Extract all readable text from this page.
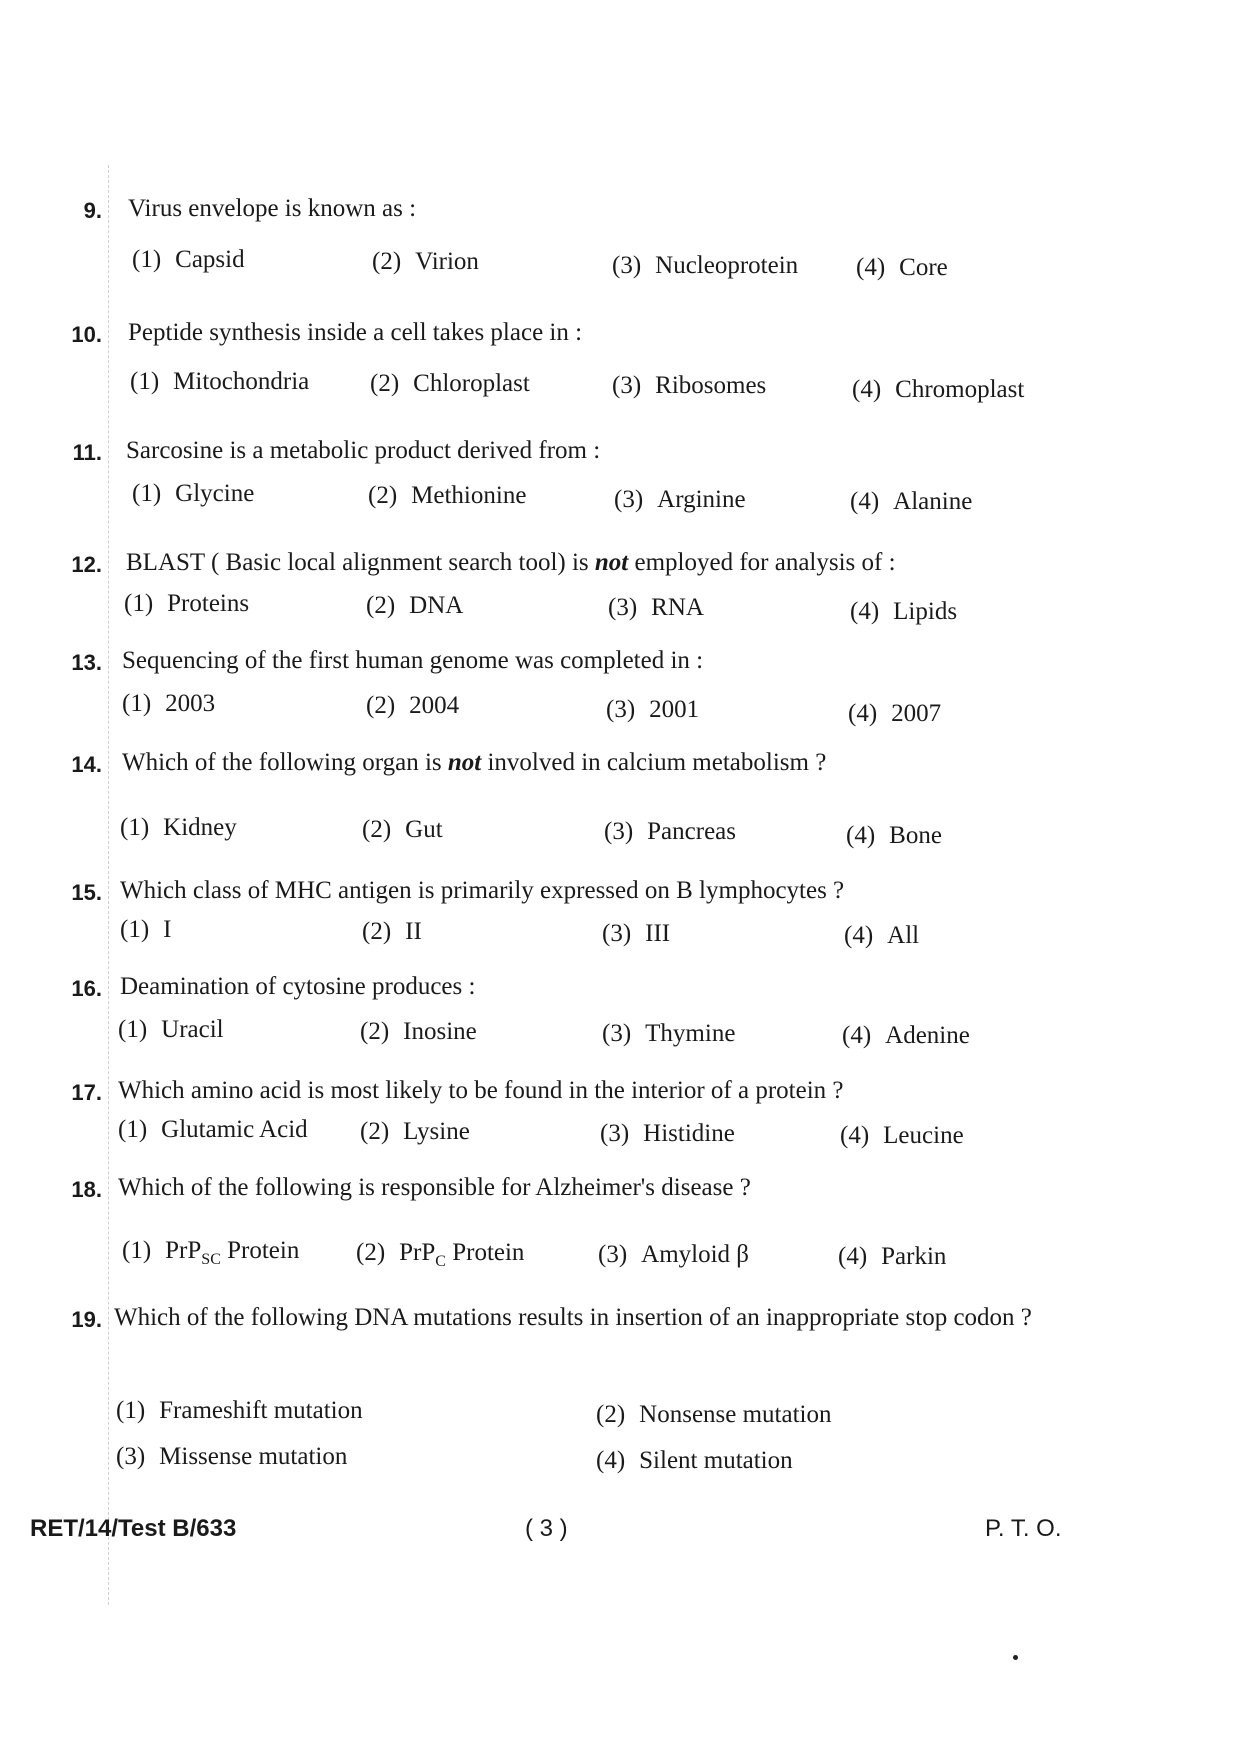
9. Virus envelope is known as :
(1) Capsid	(2) Virion	(3) Nucleoprotein (4) Core
10. Peptide synthesis inside a cell takes place in :
(1) Mitochondria (2) Chloroplast	(3) Ribosomes	(4) Chromoplast
11. Sarcosine is a metabolic product derived from :
(1) Glycine	(2) Methionine	(3) Arginine	(4) Alanine
12. BLAST ( Basic local alignment search tool) is not employed for analysis of :
(1) Proteins	(2) DNA	(3) RNA	(4) Lipids
13. Sequencing of the first human genome was completed in :
(1) 2003	(2) 2004	(3) 2001	(4) 2007
14. Which of the following organ is not involved in calcium metabolism ?
(1) Kidney	(2) Gut	(3) Pancreas	(4) Bone
15. Which class of MHC antigen is primarily expressed on B lymphocytes ?
(1) I	(2) II	(3) III	(4) All
16. Deamination of cytosine produces :
(1) Uracil	(2) Inosine	(3) Thymine	(4) Adenine
17. Which amino acid is most likely to be found in the interior of a protein ?
(1) Glutamic Acid (2) Lysine	(3) Histidine	(4) Leucine
18. Which of the following is responsible for Alzheimer's disease ?
(1) PrP$_{SC}$ Protein (2) PrP$_C$ Protein	(3) Amyloid β	(4) Parkin
19. Which of the following DNA mutations results in insertion of an inappropriate stop codon ?
(1) Frameshift mutation	(2) Nonsense mutation
(3) Missense mutation	(4) Silent mutation
RET/14/Test B/633	( 3 )	P. T. O.
